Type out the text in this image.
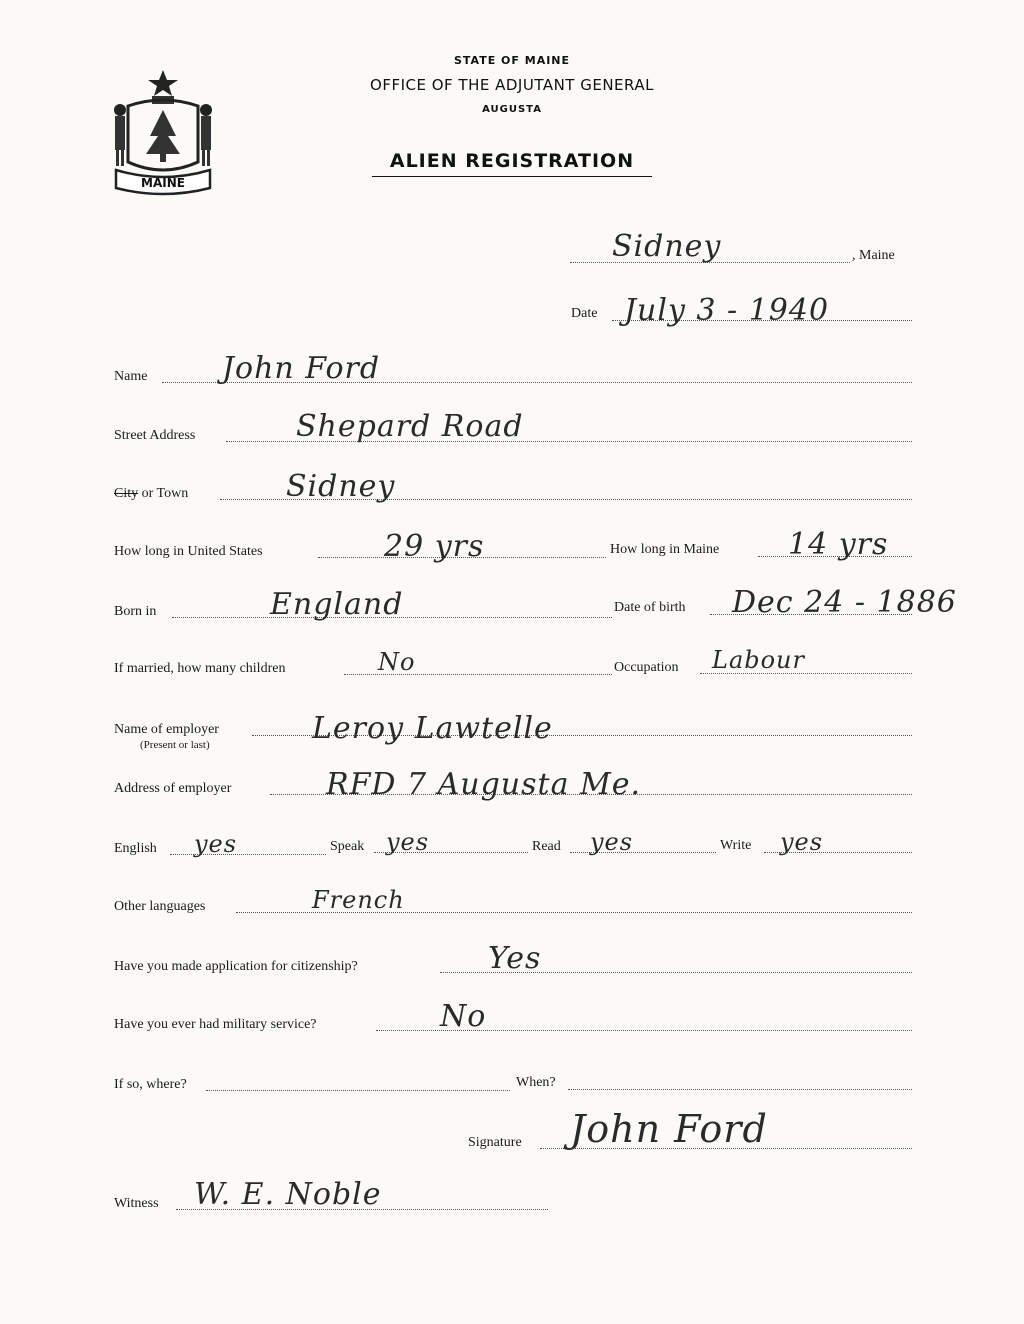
MAINE
STATE OF MAINE
OFFICE OF THE ADJUTANT GENERAL
AUGUSTA
ALIEN REGISTRATION
Sidney	, Maine
Date July 3 - 1940
Name John Ford
Street Address	Shepard Road
City or Town	Sidney
How long in United States	29 yrs	How long in Maine 14 yrs
Born in	England	Date of birth Dec 24 - 1886
If married, how many children	No	Occupation Labour
Name of employer
(Present or last)	Leroy Lawtelle
Address of employer	RFD 7 Augusta Me.
English yes	Speak yes	Read yes	Write yes
Other languages	French
Have you made application for citizenship?	Yes
Have you ever had military service?	No
If so, where?	When?
Signature John Ford
Witness W. E. Noble
